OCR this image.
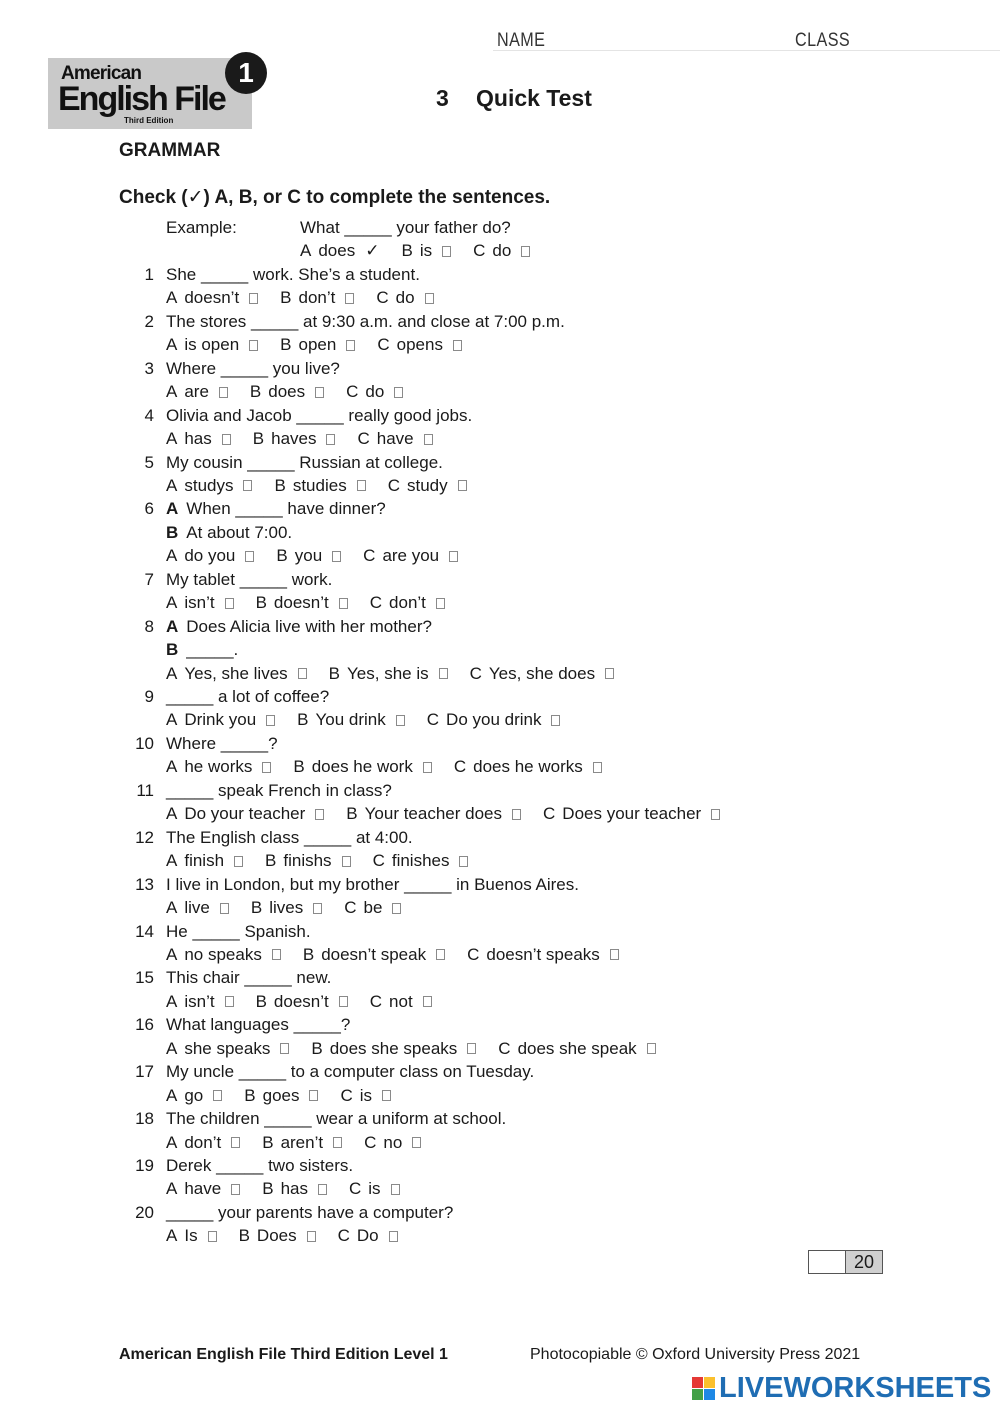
NAME	CLASS
American
English File
Third Edition
1
3 Quick Test
GRAMMAR
Check (✓) A, B, or C to complete the sentences.
Example:	What _____ your father do?
A does ✓ B is C do
1 She _____ work. She’s a student.
A doesn’t B don’t C do
2 The stores _____ at 9:30 a.m. and close at 7:00 p.m.
A is open B open C opens
3 Where _____ you live?
A are B does C do
4 Olivia and Jacob _____ really good jobs.
A has B haves C have
5 My cousin _____ Russian at college.
A studys B studies C study
6 A When _____ have dinner?
B At about 7:00.
A do you B you C are you
7 My tablet _____ work.
A isn’t B doesn’t C don’t
8 A Does Alicia live with her mother?
B _____.
A Yes, she lives B Yes, she is C Yes, she does
9 _____ a lot of coffee?
A Drink you B You drink C Do you drink
10 Where _____?
A he works B does he work C does he works
11 _____ speak French in class?
A Do your teacher B Your teacher does C Does your teacher
12 The English class _____ at 4:00.
A finish B finishs C finishes
13 I live in London, but my brother _____ in Buenos Aires.
A live B lives C be
14 He _____ Spanish.
A no speaks B doesn’t speak C doesn’t speaks
15 This chair _____ new.
A isn’t B doesn’t C not
16 What languages _____?
A she speaks B does she speaks C does she speak
17 My uncle _____ to a computer class on Tuesday.
A go B goes C is
18 The children _____ wear a uniform at school.
A don’t B aren’t C no
19 Derek _____ two sisters.
A have B has C is
20 _____ your parents have a computer?
A Is B Does C Do
20
American English File Third Edition Level 1	Photocopiable © Oxford University Press 2021
LIVEWORKSHEETS
